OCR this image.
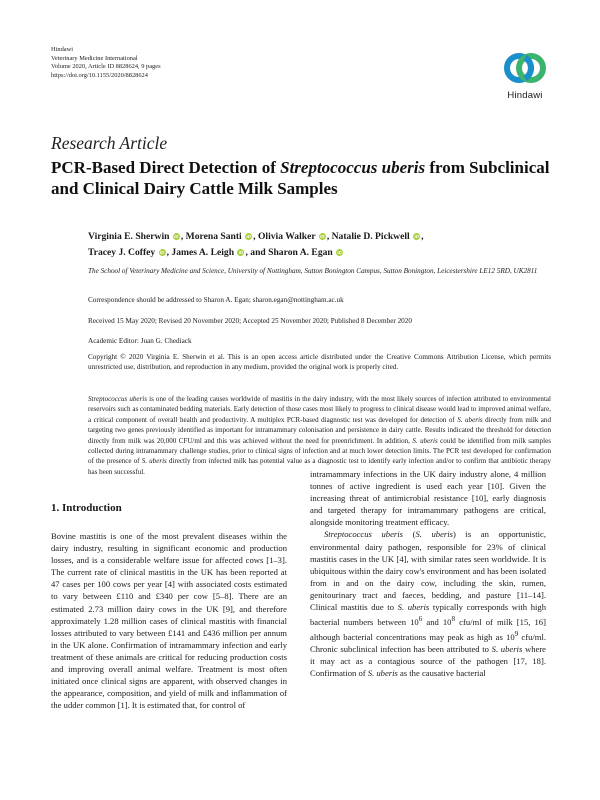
Hindawi
Veterinary Medicine International
Volume 2020, Article ID 8828624, 9 pages
https://doi.org/10.1155/2020/8828624
Hindawi
Research Article
PCR-Based Direct Detection of Streptococcus uberis from Subclinical and Clinical Dairy Cattle Milk Samples
Virginia E. Sherwin iD , Morena Santi iD , Olivia Walker iD , Natalie D. Pickwell iD ,
Tracey J. Coffey iD , James A. Leigh iD , and Sharon A. Egan iD
The School of Veterinary Medicine and Science, University of Nottingham, Sutton Bonington Campus, Sutton Bonington, Leicestershire LE12 5RD, UK2811
Correspondence should be addressed to Sharon A. Egan; sharon.egan@nottingham.ac.uk
Received 15 May 2020; Revised 20 November 2020; Accepted 25 November 2020; Published 8 December 2020
Academic Editor: Juan G. Chediack
Copyright © 2020 Virginia E. Sherwin et al. This is an open access article distributed under the Creative Commons Attribution License, which permits unrestricted use, distribution, and reproduction in any medium, provided the original work is properly cited.
Streptococcus uberis is one of the leading causes worldwide of mastitis in the dairy industry, with the most likely sources of infection attributed to environmental reservoirs such as contaminated bedding materials. Early detection of those cases most likely to progress to clinical disease would lead to improved animal welfare, a critical component of overall health and productivity. A multiplex PCR-based diagnostic test was developed for detection of S. uberis directly from milk and targeting two genes previously identified as important for intramammary colonisation and persistence in dairy cattle. Results indicated the threshold for detection directly from milk was 20,000 CFU/ml and this was achieved without the need for preenrichment. In addition, S. uberis could be identified from milk samples collected during intramammary challenge studies, prior to clinical signs of infection and at much lower detection limits. The PCR test developed for confirmation of the presence of S. uberis directly from infected milk has potential value as a diagnostic test to identify early infection and/or to confirm that antibiotic therapy has been successful.
1. Introduction

Bovine mastitis is one of the most prevalent diseases within the dairy industry, resulting in significant economic and production losses, and is a considerable welfare issue for affected cows [1–3]. The current rate of clinical mastitis in the UK has been reported at 47 cases per 100 cows per year [4] with associated costs estimated to vary between £110 and £340 per cow [5–8]. There are an estimated 2.73 million dairy cows in the UK [9], and therefore approximately 1.28 million cases of clinical mastitis with financial losses attributed to vary between £141 and £436 million per annum in the UK alone. Confirmation of intramammary infection and early treatment of these animals are critical for reducing production costs and improving overall animal welfare. Treatment is most often initiated once clinical signs are apparent, with observed changes in the appearance, composition, and yield of milk and inflammation of the udder common [1]. It is estimated that, for control of

intramammary infections in the UK dairy industry alone, 4 million tonnes of active ingredient is used each year [10]. Given the increasing threat of antimicrobial resistance [10], early diagnosis and targeted therapy for intramammary pathogens are critical, alongside monitoring treatment efficacy.

Streptococcus uberis (S. uberis) is an opportunistic, environmental dairy pathogen, responsible for 23% of clinical mastitis cases in the UK [4], with similar rates seen worldwide. It is ubiquitous within the dairy cow's environment and has been isolated from in and on the dairy cow, including the skin, rumen, genitourinary tract and faeces, bedding, and pasture [11–14]. Clinical mastitis due to S. uberis typically corresponds with high bacterial numbers between $10^6$ and $10^8$ cfu/ml of milk [15, 16] although bacterial concentrations may peak as high as $10^9$ cfu/ml. Chronic subclinical infection has been attributed to S. uberis where it may act as a contagious source of the pathogen [17, 18]. Confirmation of S. uberis as the causative bacterial
